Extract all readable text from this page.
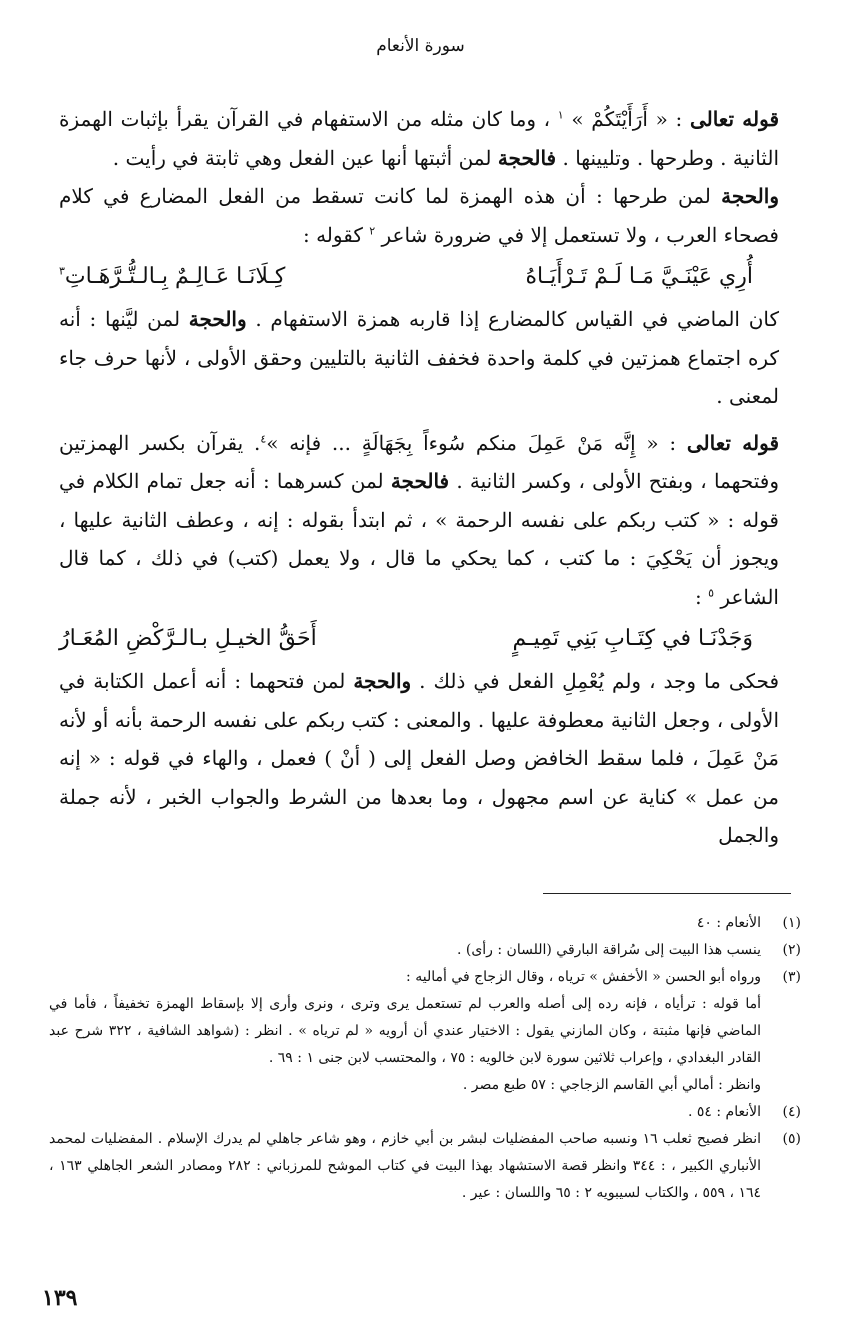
سورة الأنعام

قوله تعالى : « أَرَأَيْتَكُمْ » $^١$ ، وما كان مثله من الاستفهام في القرآن يقرأ بإثبات الهمزة الثانية . وطرحها . وتليينها . فالحجة لمن أثبتها أنها عين الفعل وهي ثابتة في رأيت .

والحجة لمن طرحها : أن هذه الهمزة لما كانت تسقط من الفعل المضارع في كلام فصحاء العرب ، ولا تستعمل إلا في ضرورة شاعر $^٢$ كقوله :

أُرِي عَيْنَـيَّ مَـا لَـمْ تَـرْأَيَـاهُ
كِـلَانَـا عَـالِـمٌ بِـالـتُّـرَّهَـاتِ$^٣$

كان الماضي في القياس كالمضارع إذا قاربه همزة الاستفهام . والحجة لمن ليَّنها : أنه كره اجتماع همزتين في كلمة واحدة فخفف الثانية بالتليين وحقق الأولى ، لأنها حرف جاء لمعنى .

قوله تعالى : « إِنَّه مَنْ عَمِلَ منكم سُوءاً بِجَهَالَةٍ ... فإنه »$^٤$. يقرآن بكسر الهمزتين وفتحهما ، وبفتح الأولى ، وكسر الثانية . فالحجة لمن كسرهما : أنه جعل تمام الكلام في قوله : « كتب ربكم على نفسه الرحمة » ، ثم ابتدأ بقوله : إنه ، وعطف الثانية عليها ، ويجوز أن يَحْكِيَ : ما كتب ، كما يحكي ما قال ، ولا يعمل (كتب) في ذلك ، كما قال الشاعر $^٥$ :

وَجَدْنَـا في كِتَـابِ بَنِي تَمِيـمٍ
أَحَقُّ الخيـلِ بـالـرَّكْضِ المُعَـارُ

فحكى ما وجد ، ولم يُعْمِلِ الفعل في ذلك . والحجة لمن فتحهما : أنه أعمل الكتابة في الأولى ، وجعل الثانية معطوفة عليها . والمعنى : كتب ربكم على نفسه الرحمة بأنه أو لأنه مَنْ عَمِلَ ، فلما سقط الخافض وصل الفعل إلى ( أنْ ) فعمل ، والهاء في قوله : « إنه من عمل » كناية عن اسم مجهول ، وما بعدها من الشرط والجواب الخبر ، لأنه جملة والجمل

(١)
الأنعام : ٤٠
(٢)
ينسب هذا البيت إلى سُراقة البارقي (اللسان : رأى) .
(٣)
ورواه أبو الحسن « الأخفش » ترياه ، وقال الزجاج في أماليه :
أما قوله : ترأياه ، فإنه رده إلى أصله والعرب لم تستعمل يرى وترى ، ونرى وأرى إلا بإسقاط الهمزة تخفيفاً ، فأما في الماضي فإنها مثبتة ، وكان المازني يقول : الاختيار عندي أن أرويه « لم ترياه » . انظر : (شواهد الشافية ، ٣٢٢ شرح عبد القادر البغدادي ، وإعراب ثلاثين سورة لابن خالويه : ٧٥ ، والمحتسب لابن جنى ١ : ٦٩ .
وانظر : أمالي أبي القاسم الزجاجي : ٥٧ طبع مصر .
(٤)
الأنعام : ٥٤ .
(٥)
انظر فصيح ثعلب ١٦ ونسبه صاحب المفضليات لبشر بن أبي خازم ، وهو شاعر جاهلي لم يدرك الإسلام . المفضليات لمحمد الأنباري الكبير ، : ٣٤٤ وانظر قصة الاستشهاد بهذا البيت في كتاب الموشح للمرزباني : ٢٨٢ ومصادر الشعر الجاهلي ١٦٣ ، ١٦٤ ، ٥٥٩ ، والكتاب لسيبويه ٢ : ٦٥ واللسان : عير .
١٣٩
